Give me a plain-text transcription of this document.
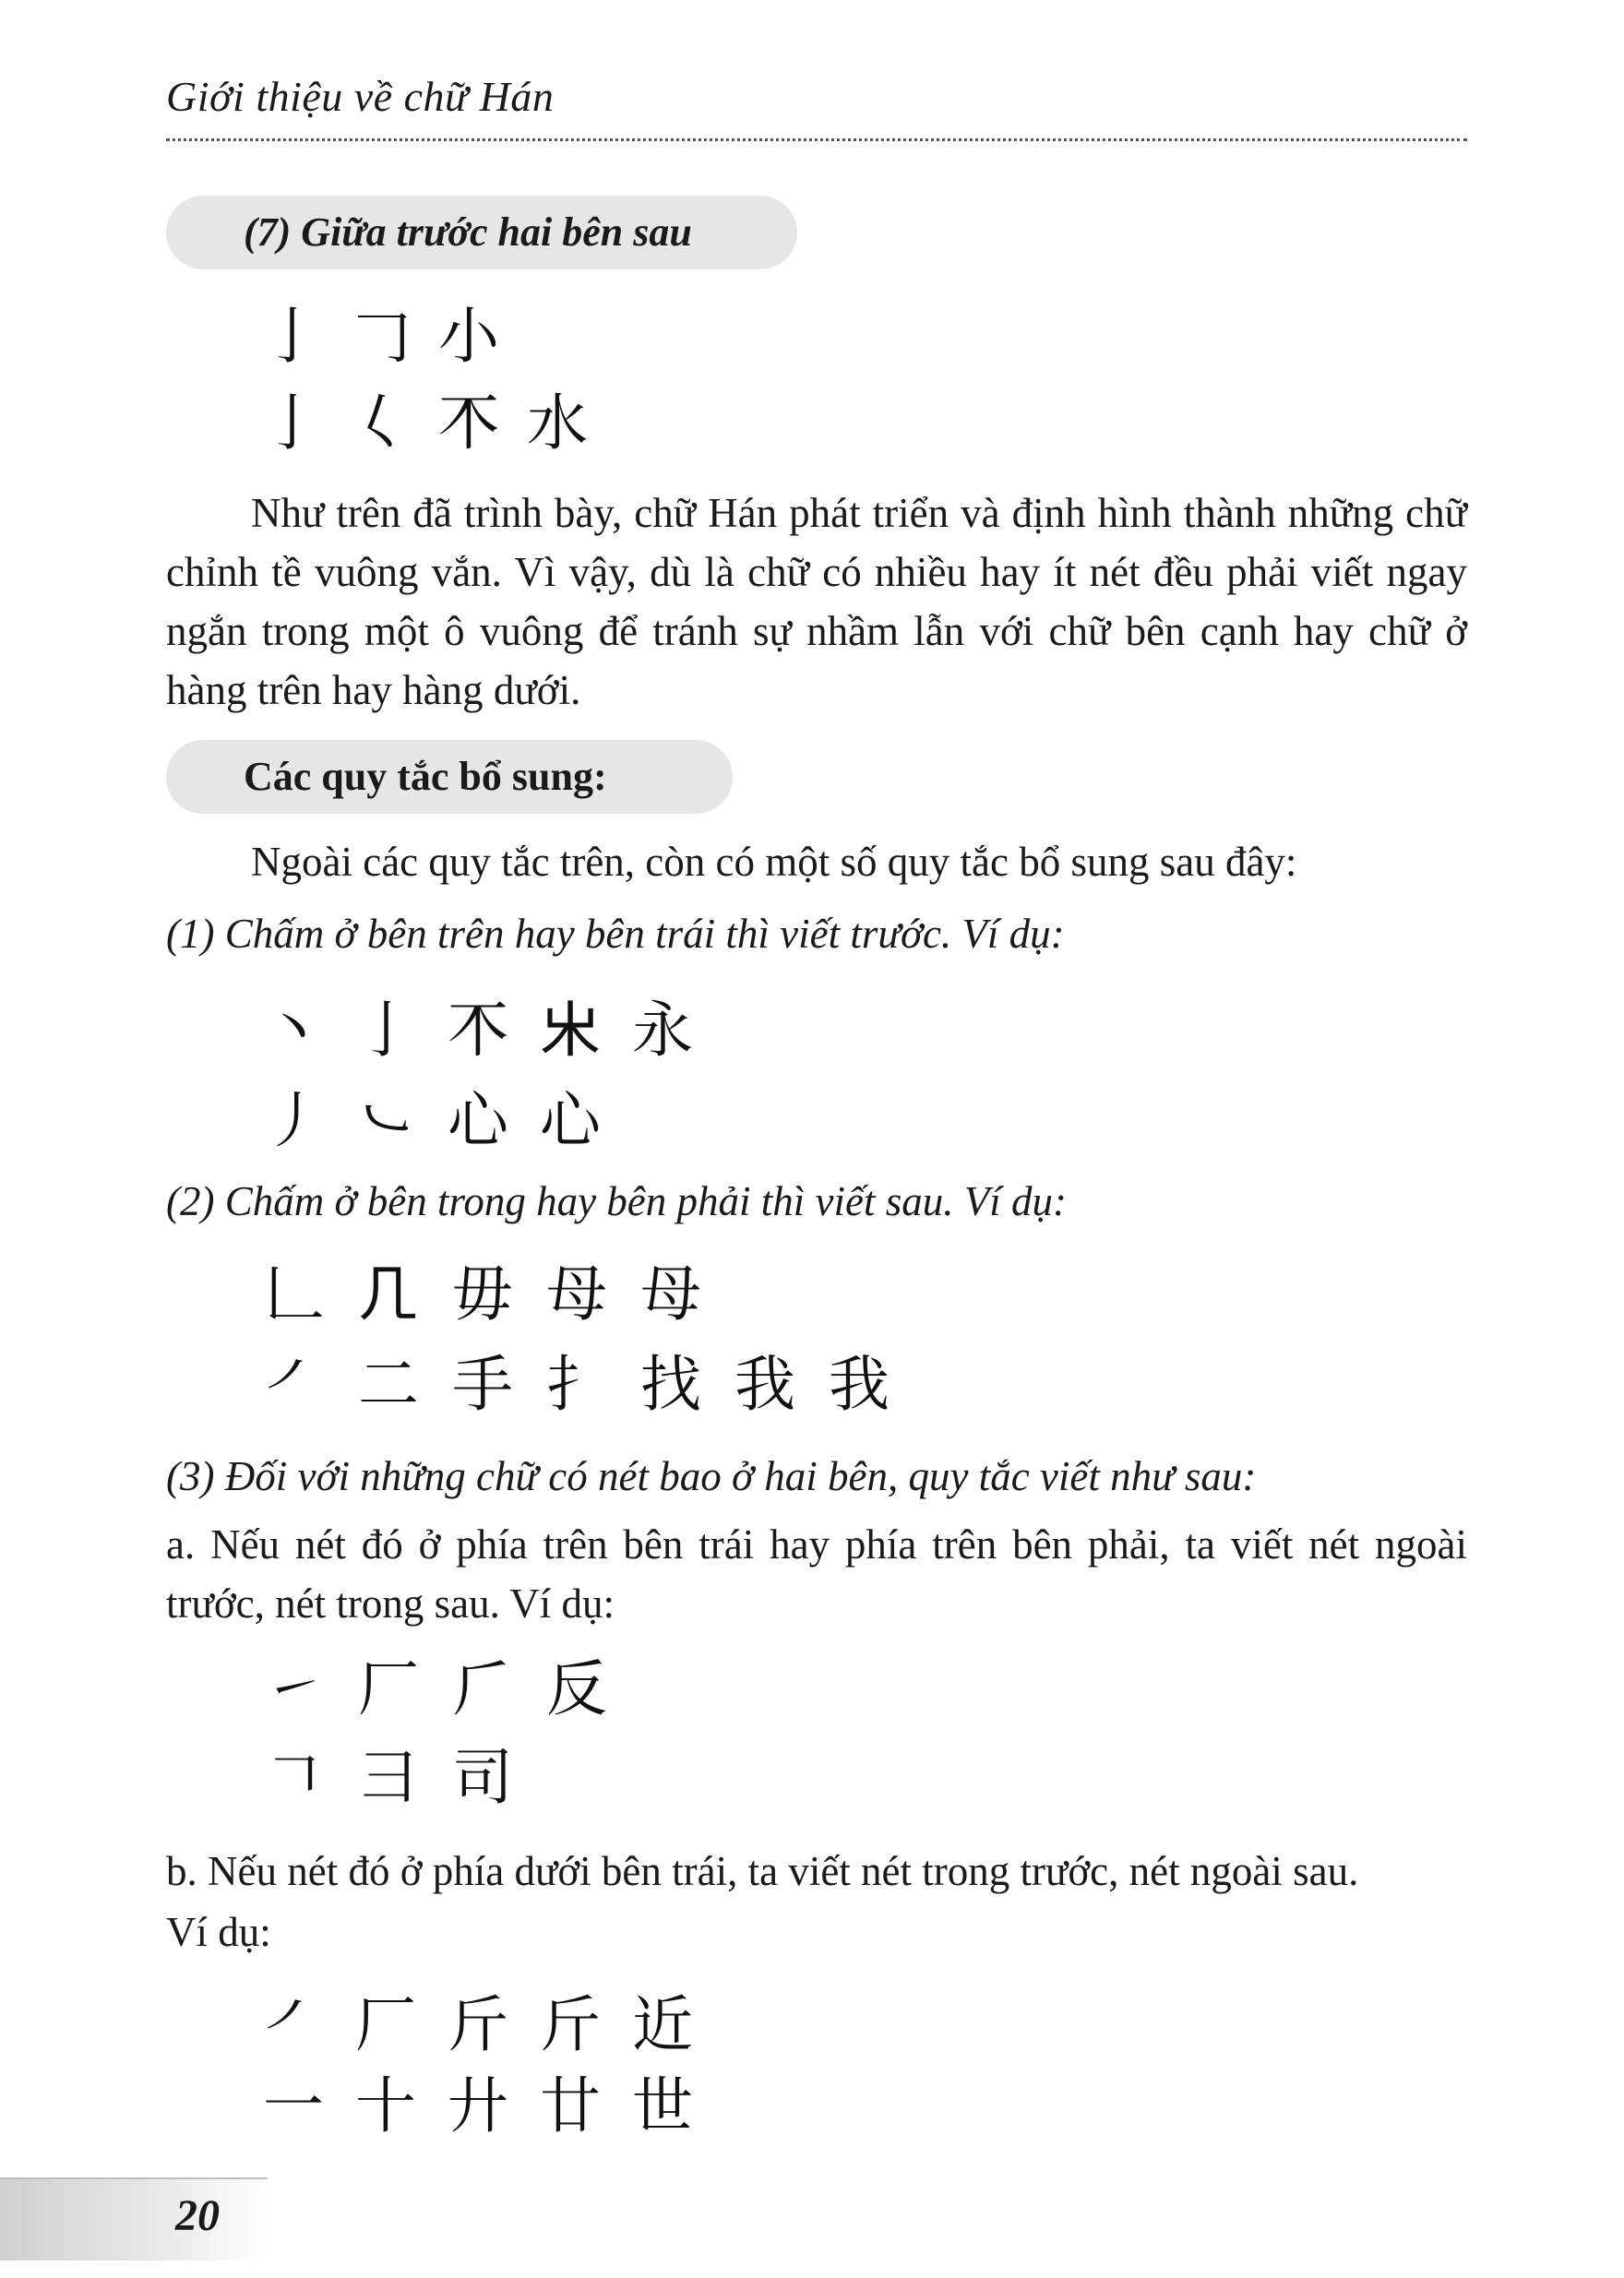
Giới thiệu về chữ Hán
(7) Giữa trước hai bên sau
亅 𠃌 小
亅 𡿨 𣎴 水
Như trên đã trình bày, chữ Hán phát triển và định hình thành những chữ chỉnh tề vuông vắn. Vì vậy, dù là chữ có nhiều hay ít nét đều phải viết ngay ngắn trong một ô vuông để tránh sự nhầm lẫn với chữ bên cạnh hay chữ ở hàng trên hay hàng dưới.
Các quy tắc bổ sung:
Ngoài các quy tắc trên, còn có một số quy tắc bổ sung sau đây:
(1) Chấm ở bên trên hay bên trái thì viết trước. Ví dụ:
丶 亅 𣎴 𣎵 永
丿 ㇃ 心 心
(2) Chấm ở bên trong hay bên phải thì viết sau. Ví dụ:
𠃊 𠘧 毋 母 母
㇒ 二 手 扌 找 我 我
(3) Đối với những chữ có nét bao ở hai bên, quy tắc viết như sau:
a. Nếu nét đó ở phía trên bên trái hay phía trên bên phải, ta viết nét ngoài trước, nét trong sau. Ví dụ:
㇀ 厂 𠂆 反
𠃍 彐 司
b. Nếu nét đó ở phía dưới bên trái, ta viết nét trong trước, nét ngoài sau.
Ví dụ:
㇒ 厂 斤 斤 近
一 十 廾 廿 世
20
